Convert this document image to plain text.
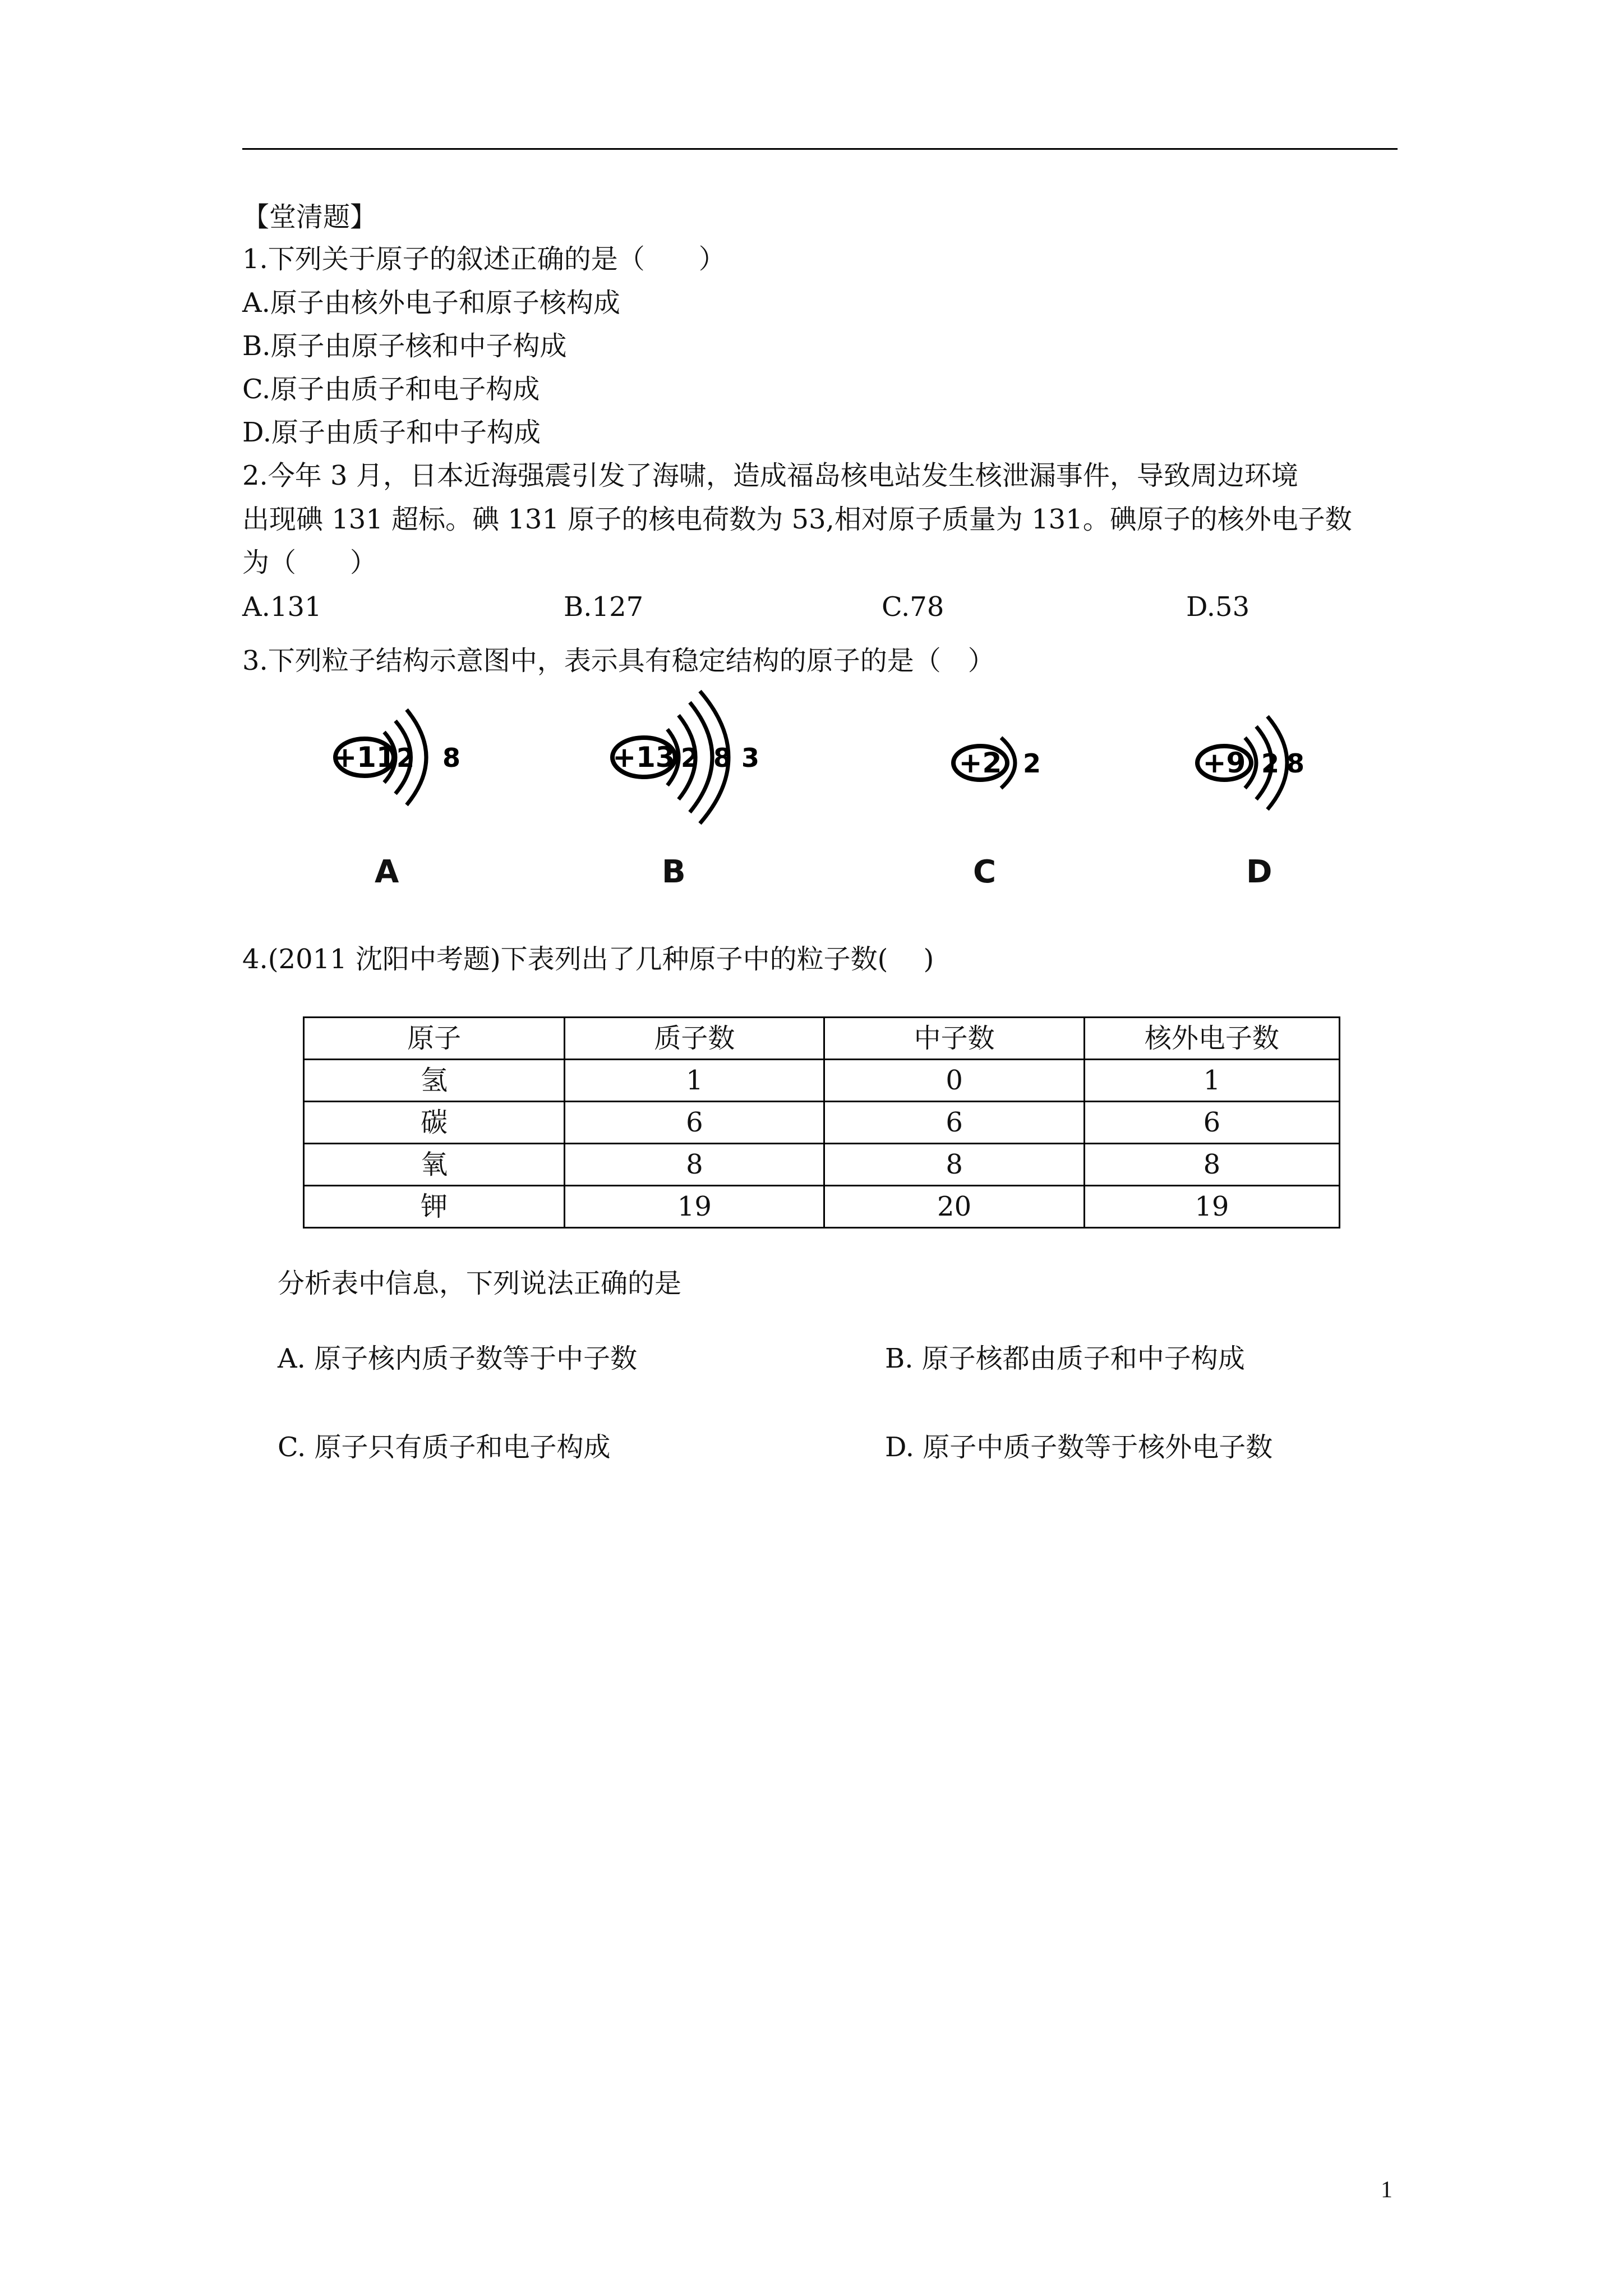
【堂清题】
1.下列关于原子的叙述正确的是（　　）
A.原子由核外电子和原子核构成
B.原子由原子核和中子构成
C.原子由质子和电子构成
D.原子由质子和中子构成
2.今年 3 月，日本近海强震引发了海啸，造成福岛核电站发生核泄漏事件，导致周边环境
出现碘 131 超标。碘 131 原子的核电荷数为 53,相对原子质量为 131。碘原子的核外电子数
为（　　）
A.131	B.127	C.78	D.53
3.下列粒子结构示意图中，表示具有稳定结构的原子的是（　）
+11 2 8
A
+13 2 8 3
B
+2 2
C
+9 2 8
D
4.(2011 沈阳中考题)下表列出了几种原子中的粒子数(　 )
原子	质子数	中子数	核外电子数
氢	1	0	1
碳	6	6	6
氧	8	8	8
钾	19	20	19
分析表中信息，下列说法正确的是
A. 原子核内质子数等于中子数	B. 原子核都由质子和中子构成
C. 原子只有质子和电子构成	D. 原子中质子数等于核外电子数
1
